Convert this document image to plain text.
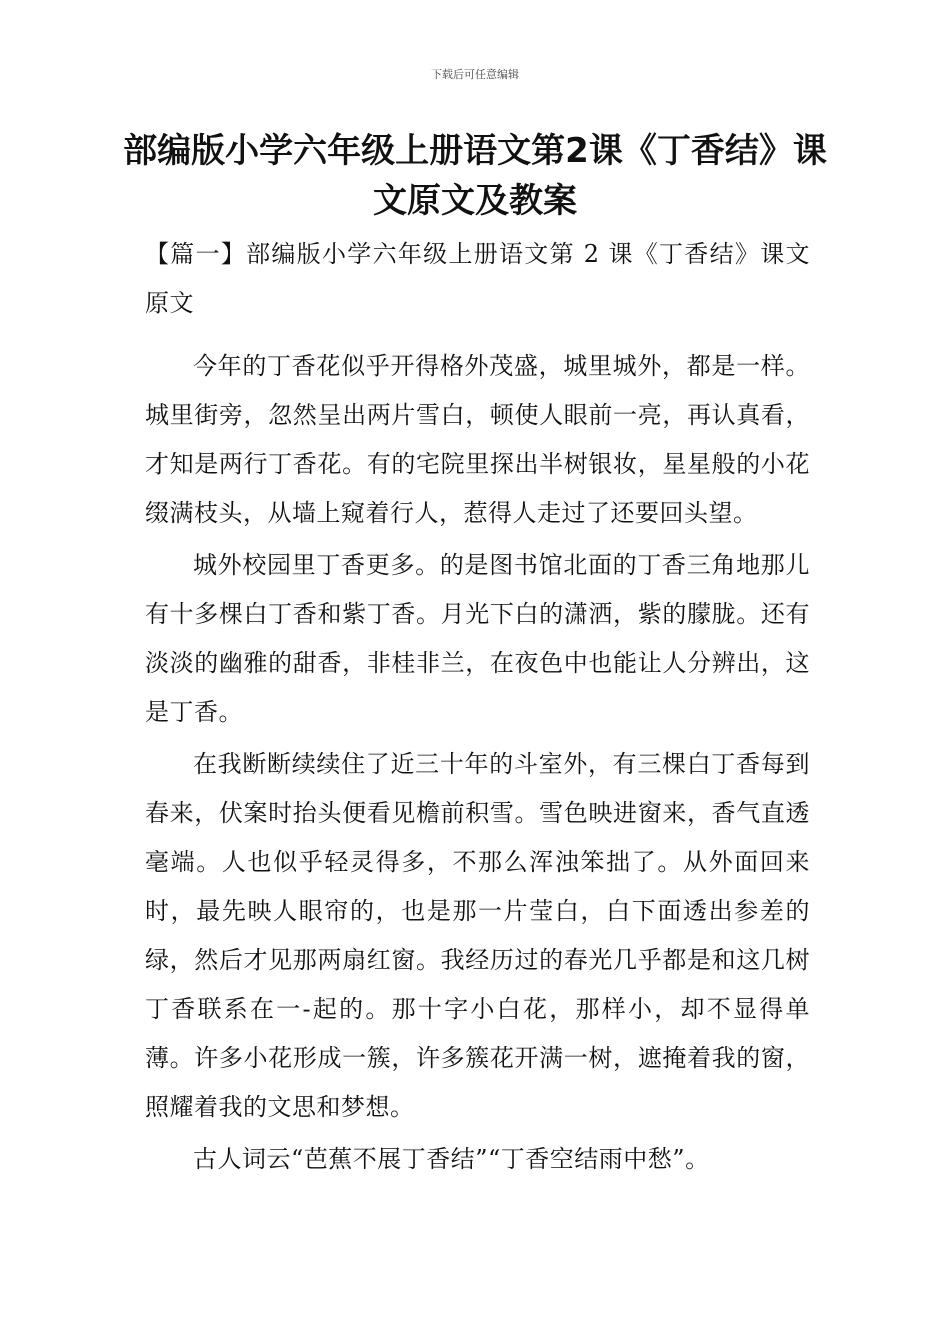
下载后可任意编辑
部编版小学六年级上册语文第2课《丁香结》课文原文及教案

【篇一】部编版小学六年级上册语文第 2 课《丁香结》课文原文

今年的丁香花似乎开得格外茂盛，城里城外，都是一样。城里街旁，忽然呈出两片雪白，顿使人眼前一亮，再认真看，才知是两行丁香花。有的宅院里探出半树银妆，星星般的小花缀满枝头，从墙上窥着行人，惹得人走过了还要回头望。

城外校园里丁香更多。的是图书馆北面的丁香三角地那儿有十多棵白丁香和紫丁香。月光下白的潇洒，紫的朦胧。还有淡淡的幽雅的甜香，非桂非兰，在夜色中也能让人分辨出，这是丁香。

在我断断续续住了近三十年的斗室外，有三棵白丁香每到春来，伏案时抬头便看见檐前积雪。雪色映进窗来，香气直透毫端。人也似乎轻灵得多，不那么浑浊笨拙了。从外面回来时，最先映人眼帘的，也是那一片莹白，白下面透出参差的绿，然后才见那两扇红窗。我经历过的春光几乎都是和这几树丁香联系在一-起的。那十字小白花，那样小，却不显得单薄。许多小花形成一簇，许多簇花开满一树，遮掩着我的窗，照耀着我的文思和梦想。

古人词云“芭蕉不展丁香结”“丁香空结雨中愁”。
